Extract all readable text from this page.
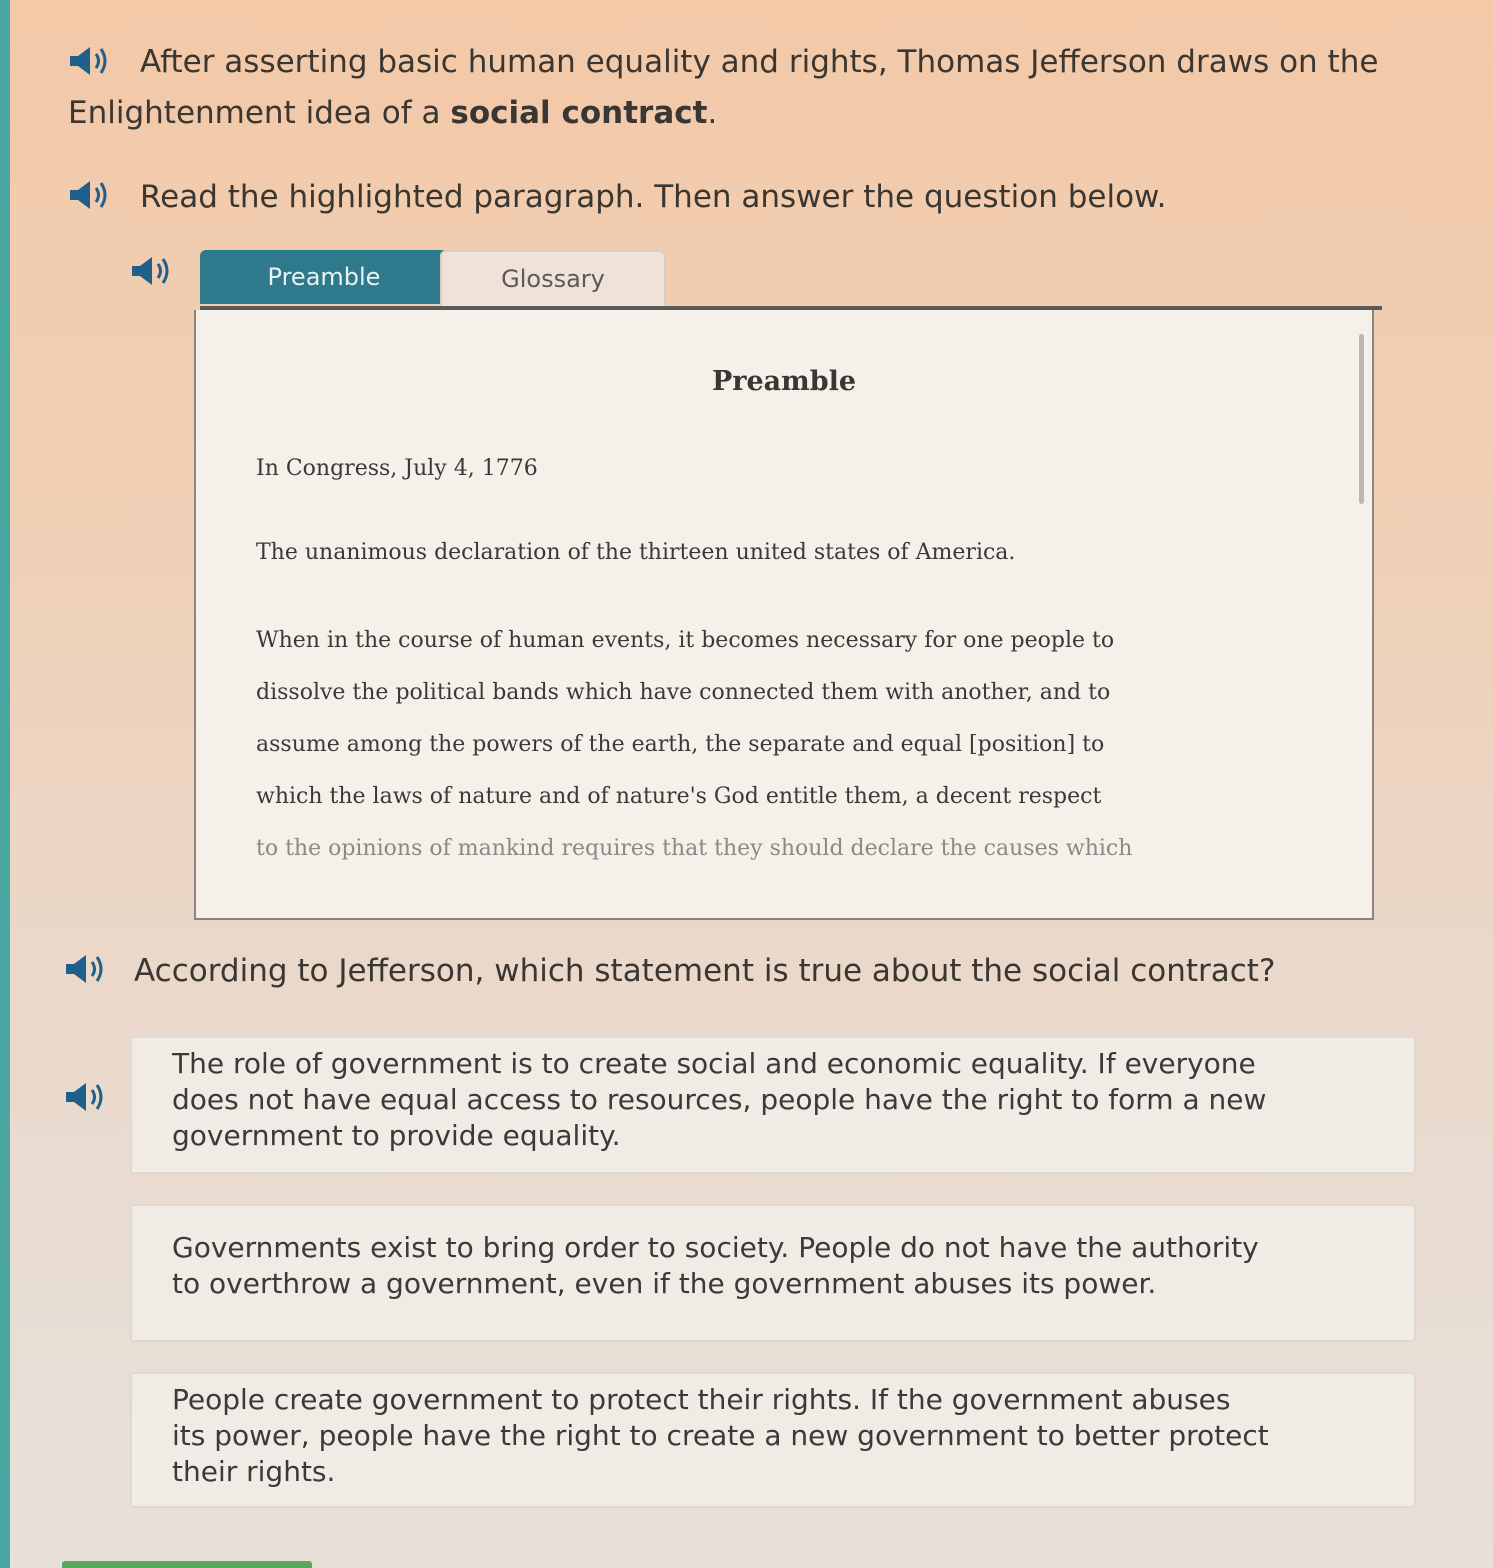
After asserting basic human equality and rights, Thomas Jefferson draws on the
Enlightenment idea of a social contract.
Read the highlighted paragraph. Then answer the question below.
Preamble	Glossary
Preamble
In Congress, July 4, 1776
The unanimous declaration of the thirteen united states of America.
When in the course of human events, it becomes necessary for one people to
dissolve the political bands which have connected them with another, and to
assume among the powers of the earth, the separate and equal [position] to
which the laws of nature and of nature's God entitle them, a decent respect
to the opinions of mankind requires that they should declare the causes which
According to Jefferson, which statement is true about the social contract?
The role of government is to create social and economic equality. If everyone
does not have equal access to resources, people have the right to form a new
government to provide equality.
Governments exist to bring order to society. People do not have the authority
to overthrow a government, even if the government abuses its power.
People create government to protect their rights. If the government abuses
its power, people have the right to create a new government to better protect
their rights.
